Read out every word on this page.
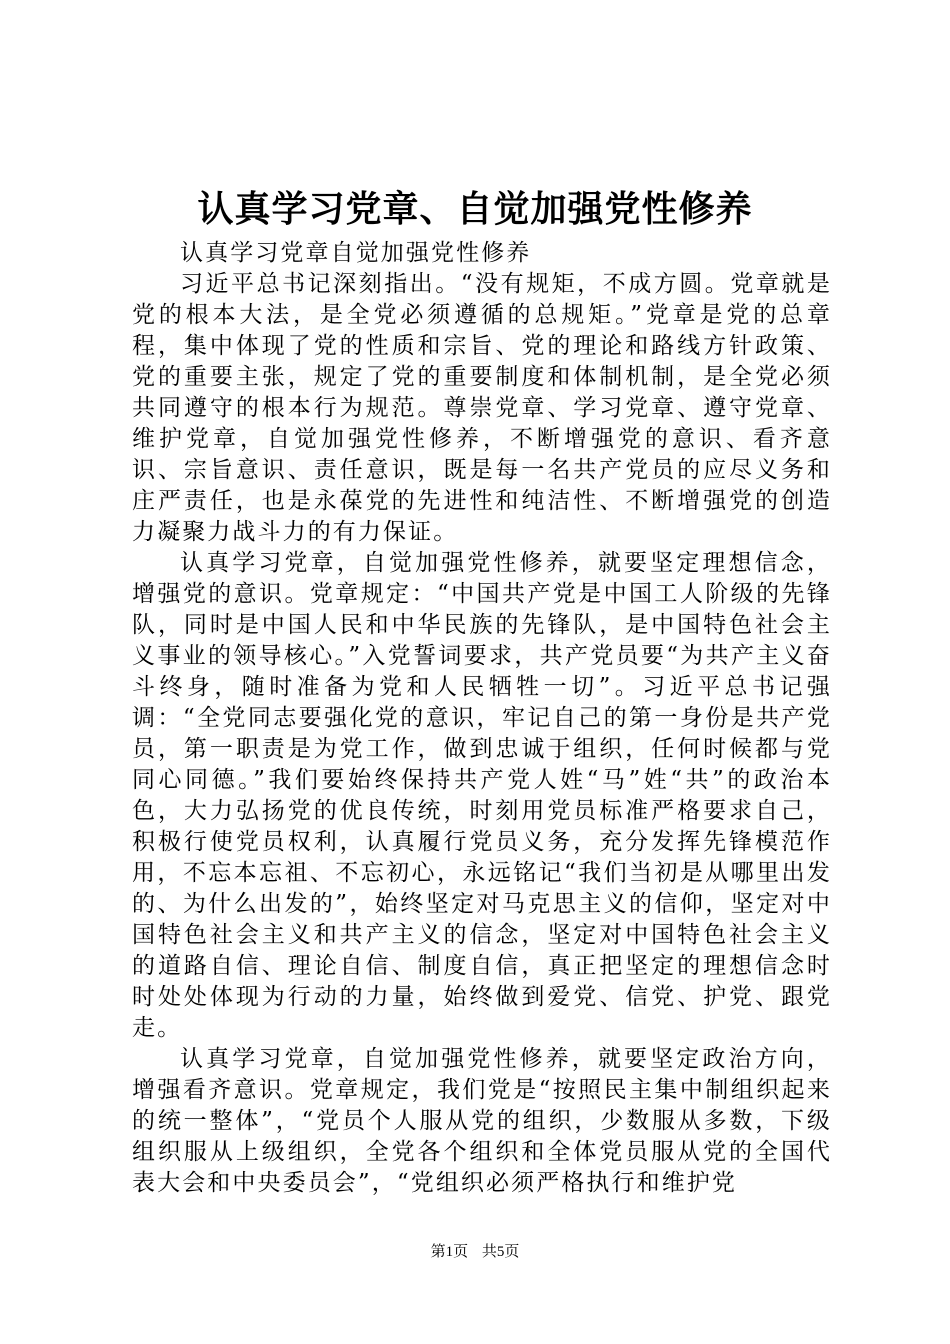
认真学习党章、自觉加强党性修养

认真学习党章自觉加强党性修养

习近平总书记深刻指出。“没有规矩，不成方圆。党章就是党的根本大法，是全党必须遵循的总规矩。”党章是党的总章程，集中体现了党的性质和宗旨、党的理论和路线方针政策、党的重要主张，规定了党的重要制度和体制机制，是全党必须共同遵守的根本行为规范。尊崇党章、学习党章、遵守党章、维护党章，自觉加强党性修养，不断增强党的意识、看齐意识、宗旨意识、责任意识，既是每一名共产党员的应尽义务和庄严责任，也是永葆党的先进性和纯洁性、不断增强党的创造力凝聚力战斗力的有力保证。

认真学习党章，自觉加强党性修养，就要坚定理想信念，增强党的意识。党章规定：“中国共产党是中国工人阶级的先锋队，同时是中国人民和中华民族的先锋队，是中国特色社会主义事业的领导核心。”入党誓词要求，共产党员要“为共产主义奋斗终身，随时准备为党和人民牺牲一切”。习近平总书记强调：“全党同志要强化党的意识，牢记自己的第一身份是共产党员，第一职责是为党工作，做到忠诚于组织，任何时候都与党同心同德。”我们要始终保持共产党人姓“马”姓“共”的政治本色，大力弘扬党的优良传统，时刻用党员标准严格要求自己，积极行使党员权利，认真履行党员义务，充分发挥先锋模范作用，不忘本忘祖、不忘初心，永远铭记“我们当初是从哪里出发的、为什么出发的”，始终坚定对马克思主义的信仰，坚定对中国特色社会主义和共产主义的信念，坚定对中国特色社会主义的道路自信、理论自信、制度自信，真正把坚定的理想信念时时处处体现为行动的力量，始终做到爱党、信党、护党、跟党走。

认真学习党章，自觉加强党性修养，就要坚定政治方向，增强看齐意识。党章规定，我们党是“按照民主集中制组织起来的统一整体”，“党员个人服从党的组织，少数服从多数，下级组织服从上级组织，全党各个组织和全体党员服从党的全国代表大会和中央委员会”，“党组织必须严格执行和维护党

第1页 共5页
